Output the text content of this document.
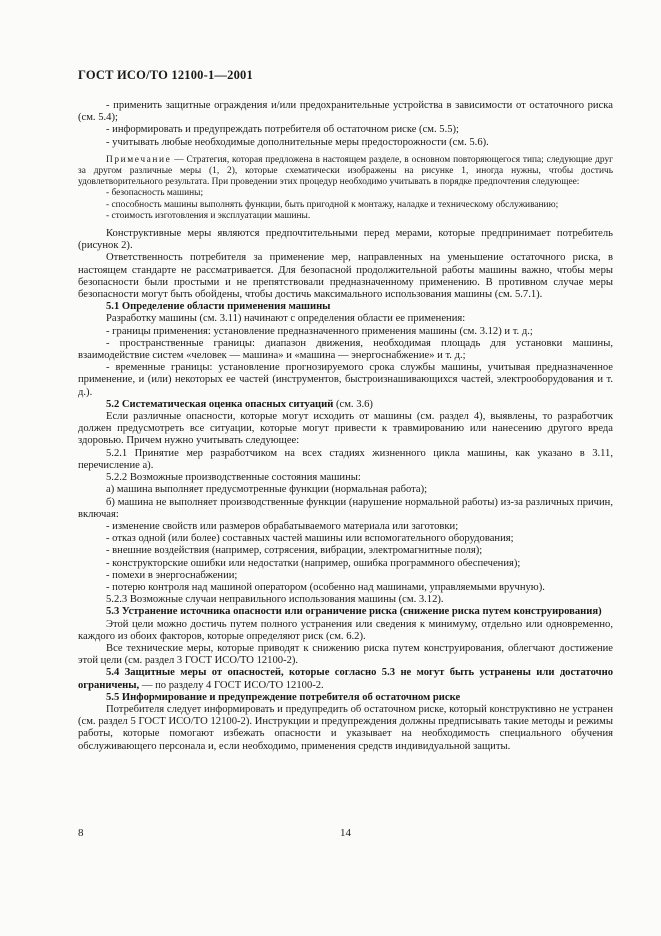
ГОСТ ИСО/ТО 12100-1—2001

- применить защитные ограждения и/или предохранительные устройства в зависимости от остаточного риска (см. 5.4);

- информировать и предупреждать потребителя об остаточном риске (см. 5.5);

- учитывать любые необходимые дополнительные меры предосторожности (см. 5.6).

Примечание — Стратегия, которая предложена в настоящем разделе, в основном повторяющегося типа; следующие друг за другом различные меры (1, 2), которые схематически изображены на рисунке 1, иногда нужны, чтобы достичь удовлетворительного результата. При проведении этих процедур необходимо учитывать в порядке предпочтения следующее:

- безопасность машины;

- способность машины выполнять функции, быть пригодной к монтажу, наладке и техническому обслуживанию;

- стоимость изготовления и эксплуатации машины.

Конструктивные меры являются предпочтительными перед мерами, которые предпринимает потребитель (рисунок 2).

Ответственность потребителя за применение мер, направленных на уменьшение остаточного риска, в настоящем стандарте не рассматривается. Для безопасной продолжительной работы машины важно, чтобы меры безопасности были простыми и не препятствовали предназначенному применению. В противном случае меры безопасности могут быть обойдены, чтобы достичь максимального использования машины (см. 5.7.1).

5.1 Определение области применения машины

Разработку машины (см. 3.11) начинают с определения области ее применения:

- границы применения: установление предназначенного применения машины (см. 3.12) и т. д.;

- пространственные границы: диапазон движения, необходимая площадь для установки машины, взаимодействие систем «человек — машина» и «машина — энергоснабжение» и т. д.;

- временные границы: установление прогнозируемого срока службы машины, учитывая предназначенное применение, и (или) некоторых ее частей (инструментов, быстроизнашивающихся частей, электрооборудования и т. д.).

5.2 Систематическая оценка опасных ситуаций (см. 3.6)

Если различные опасности, которые могут исходить от машины (см. раздел 4), выявлены, то разработчик должен предусмотреть все ситуации, которые могут привести к травмированию или нанесению другого вреда здоровью. Причем нужно учитывать следующее:

5.2.1 Принятие мер разработчиком на всех стадиях жизненного цикла машины, как указано в 3.11, перечисление а).

5.2.2 Возможные производственные состояния машины:

а) машина выполняет предусмотренные функции (нормальная работа);

б) машина не выполняет производственные функции (нарушение нормальной работы) из-за различных причин, включая:

- изменение свойств или размеров обрабатываемого материала или заготовки;

- отказ одной (или более) составных частей машины или вспомогательного оборудования;

- внешние воздействия (например, сотрясения, вибрации, электромагнитные поля);

- конструкторские ошибки или недостатки (например, ошибка программного обеспечения);

- помехи в энергоснабжении;

- потерю контроля над машиной оператором (особенно над машинами, управляемыми вручную).

5.2.3 Возможные случаи неправильного использования машины (см. 3.12).

5.3 Устранение источника опасности или ограничение риска (снижение риска путем конструирования)

Этой цели можно достичь путем полного устранения или сведения к минимуму, отдельно или одновременно, каждого из обоих факторов, которые определяют риск (см. 6.2).

Все технические меры, которые приводят к снижению риска путем конструирования, облегчают достижение этой цели (см. раздел 3 ГОСТ ИСО/ТО 12100-2).

5.4 Защитные меры от опасностей, которые согласно 5.3 не могут быть устранены или достаточно ограничены, — по разделу 4 ГОСТ ИСО/ТО 12100-2.

5.5 Информирование и предупреждение потребителя об остаточном риске

Потребителя следует информировать и предупредить об остаточном риске, который конструктивно не устранен (см. раздел 5 ГОСТ ИСО/ТО 12100-2). Инструкции и предупреждения должны предписывать такие методы и режимы работы, которые помогают избежать опасности и указывает на необходимость специального обучения обслуживающего персонала и, если необходимо, применения средств индивидуальной защиты.

8	14
